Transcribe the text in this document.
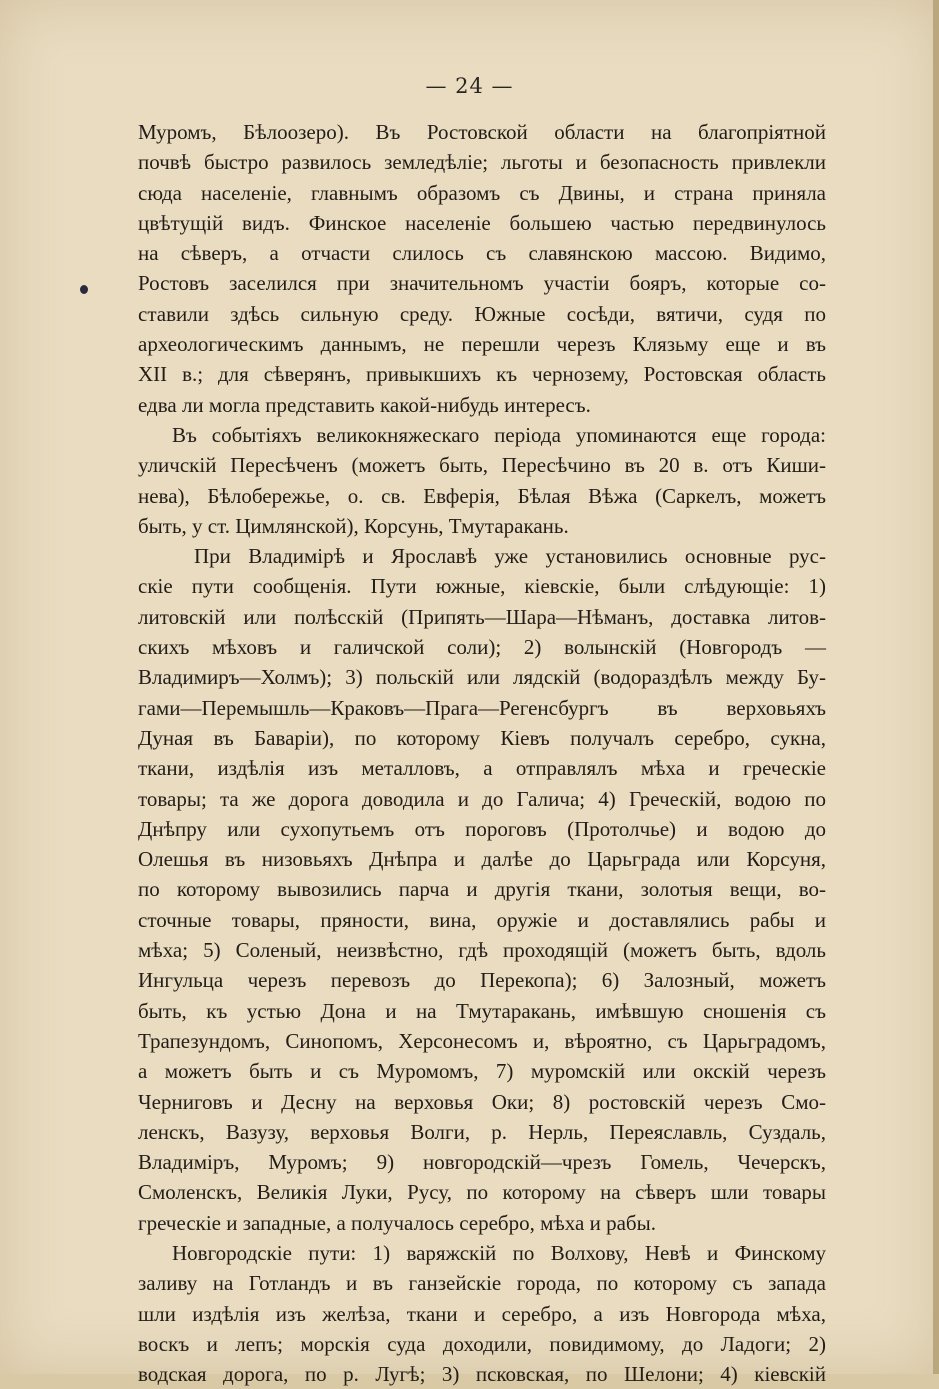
— 24 —
Муромъ, Бѣлоозеро). Въ Ростовской области на благопріятной
почвѣ быстро развилось земледѣліе; льготы и безопасность привлекли
сюда населеніе, главнымъ образомъ съ Двины, и страна приняла
цвѣтущій видъ. Финское населеніе большею частью передвинулось
на сѣверъ, а отчасти слилось съ славянскою массою. Видимо,
Ростовъ заселился при значительномъ участіи бояръ, которые со-
ставили здѣсь сильную среду. Южные сосѣди, вятичи, судя по
археологическимъ даннымъ, не перешли черезъ Клязьму еще и въ
XII в.; для сѣверянъ, привыкшихъ къ чернозему, Ростовская область
едва ли могла представить какой-нибудь интересъ.
Въ событіяхъ великокняжескаго періода упоминаются еще города:
уличскій Пересѣченъ (можетъ быть, Пересѣчино въ 20 в. отъ Киши-
нева), Бѣлобережье, о. св. Евферія, Бѣлая Вѣжа (Саркелъ, можетъ
быть, у ст. Цимлянской), Корсунь, Тмутаракань.
При Владимірѣ и Ярославѣ уже установились основные рус-
скіе пути сообщенія. Пути южные, кіевскіе, были слѣдующіе: 1)
литовскій или полѣсскій (Припять—Шара—Нѣманъ, доставка литов-
скихъ мѣховъ и галичской соли); 2) волынскій (Новгородъ —
Владимиръ—Холмъ); 3) польскій или лядскій (водораздѣлъ между Бу-
гами—Перемышль—Краковъ—Прага—Регенсбургъ въ верховьяхъ
Дуная въ Баваріи), по которому Кіевъ получалъ серебро, сукна,
ткани, издѣлія изъ металловъ, а отправлялъ мѣха и греческіе
товары; та же дорога доводила и до Галича; 4) Греческій, водою по
Днѣпру или сухопутьемъ отъ пороговъ (Протолчье) и водою до
Олешья въ низовьяхъ Днѣпра и далѣе до Царьграда или Корсуня,
по которому вывозились парча и другія ткани, золотыя вещи, во-
сточные товары, пряности, вина, оружіе и доставлялись рабы и
мѣха; 5) Соленый, неизвѣстно, гдѣ проходящій (можетъ быть, вдоль
Ингульца черезъ перевозъ до Перекопа); 6) Залозный, можетъ
быть, къ устью Дона и на Тмутаракань, имѣвшую сношенія съ
Трапезундомъ, Синопомъ, Херсонесомъ и, вѣроятно, съ Царьградомъ,
а можетъ быть и съ Муромомъ, 7) муромскій или окскій черезъ
Черниговъ и Десну на верховья Оки; 8) ростовскій черезъ Смо-
ленскъ, Вазузу, верховья Волги, р. Нерль, Переяславль, Суздаль,
Владиміръ, Муромъ; 9) новгородскій—чрезъ Гомель, Чечерскъ,
Смоленскъ, Великія Луки, Русу, по которому на сѣверъ шли товары
греческіе и западные, а получалось серебро, мѣха и рабы.
Новгородскіе пути: 1) варяжскій по Волхову, Невѣ и Финскому
заливу на Готландъ и въ ганзейскіе города, по которому съ запада
шли издѣлія изъ желѣза, ткани и серебро, а изъ Новгорода мѣха,
воскъ и лепъ; морскія суда доходили, повидимому, до Ладоги; 2)
водская дорога, по р. Лугѣ; 3) псковская, по Шелони; 4) кіевскій
